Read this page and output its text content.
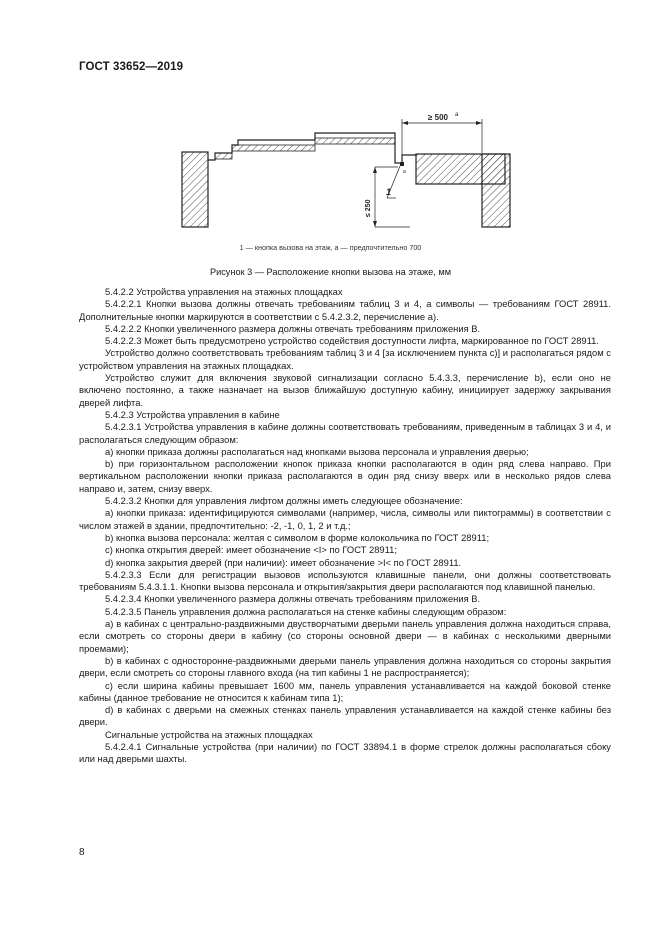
ГОСТ 33652—2019
≥ 500 а
≤ 250
1
а
1 — кнопка вызова на этаж, а — предпочтительно 700
Рисунок 3 — Расположение кнопки вызова на этаже, мм

5.4.2.2 Устройства управления на этажных площадках

5.4.2.2.1 Кнопки вызова должны отвечать требованиям таблиц 3 и 4, а символы — требованиям ГОСТ 28911. Дополнительные кнопки маркируются в соответствии с 5.4.2.3.2, перечисление а).

5.4.2.2.2 Кнопки увеличенного размера должны отвечать требованиям приложения В.

5.4.2.2.3 Может быть предусмотрено устройство содействия доступности лифта, маркированное по ГОСТ 28911.

Устройство должно соответствовать требованиям таблиц 3 и 4 [за исключением пункта c)] и располагаться рядом с устройством управления на этажных площадках.

Устройство служит для включения звуковой сигнализации согласно 5.4.3.3, перечисление b), если оно не включено постоянно, а также назначает на вызов ближайшую доступную кабину, инициирует задержку закрывания дверей лифта.

5.4.2.3 Устройства управления в кабине

5.4.2.3.1 Устройства управления в кабине должны соответствовать требованиям, приведенным в таблицах 3 и 4, и располагаться следующим образом:

a) кнопки приказа должны располагаться над кнопками вызова персонала и управления дверью;

b) при горизонтальном расположении кнопок приказа кнопки располагаются в один ряд слева направо. При вертикальном расположении кнопки приказа располагаются в один ряд снизу вверх или в несколько рядов слева направо и, затем, снизу вверх.

5.4.2.3.2 Кнопки для управления лифтом должны иметь следующее обозначение:

a) кнопки приказа: идентифицируются символами (например, числа, символы или пиктограммы) в соответствии с числом этажей в здании, предпочтительно: -2, -1, 0, 1, 2 и т.д.;

b) кнопка вызова персонала: желтая с символом в форме колокольчика по ГОСТ 28911;

c) кнопка открытия дверей: имеет обозначение <I> по ГОСТ 28911;

d) кнопка закрытия дверей (при наличии): имеет обозначение >I< по ГОСТ 28911.

5.4.2.3.3 Если для регистрации вызовов используются клавишные панели, они должны соответствовать требованиям 5.4.3.1.1. Кнопки вызова персонала и открытия/закрытия двери располагаются под клавишной панелью.

5.4.2.3.4 Кнопки увеличенного размера должны отвечать требованиям приложения В.

5.4.2.3.5 Панель управления должна располагаться на стенке кабины следующим образом:

a) в кабинах с центрально-раздвижными двустворчатыми дверьми панель управления должна находиться справа, если смотреть со стороны двери в кабину (со стороны основной двери — в кабинах с несколькими дверными проемами);

b) в кабинах с односторонне-раздвижными дверьми панель управления должна находиться со стороны закрытия двери, если смотреть со стороны главного входа (на тип кабины 1 не распространяется);

c) если ширина кабины превышает 1600 мм, панель управления устанавливается на каждой боковой стенке кабины (данное требование не относится к кабинам типа 1);

d) в кабинах с дверьми на смежных стенках панель управления устанавливается на каждой стенке кабины без двери.

Сигнальные устройства на этажных площадках

5.4.2.4.1 Сигнальные устройства (при наличии) по ГОСТ 33894.1 в форме стрелок должны располагаться сбоку или над дверьми шахты.

8
